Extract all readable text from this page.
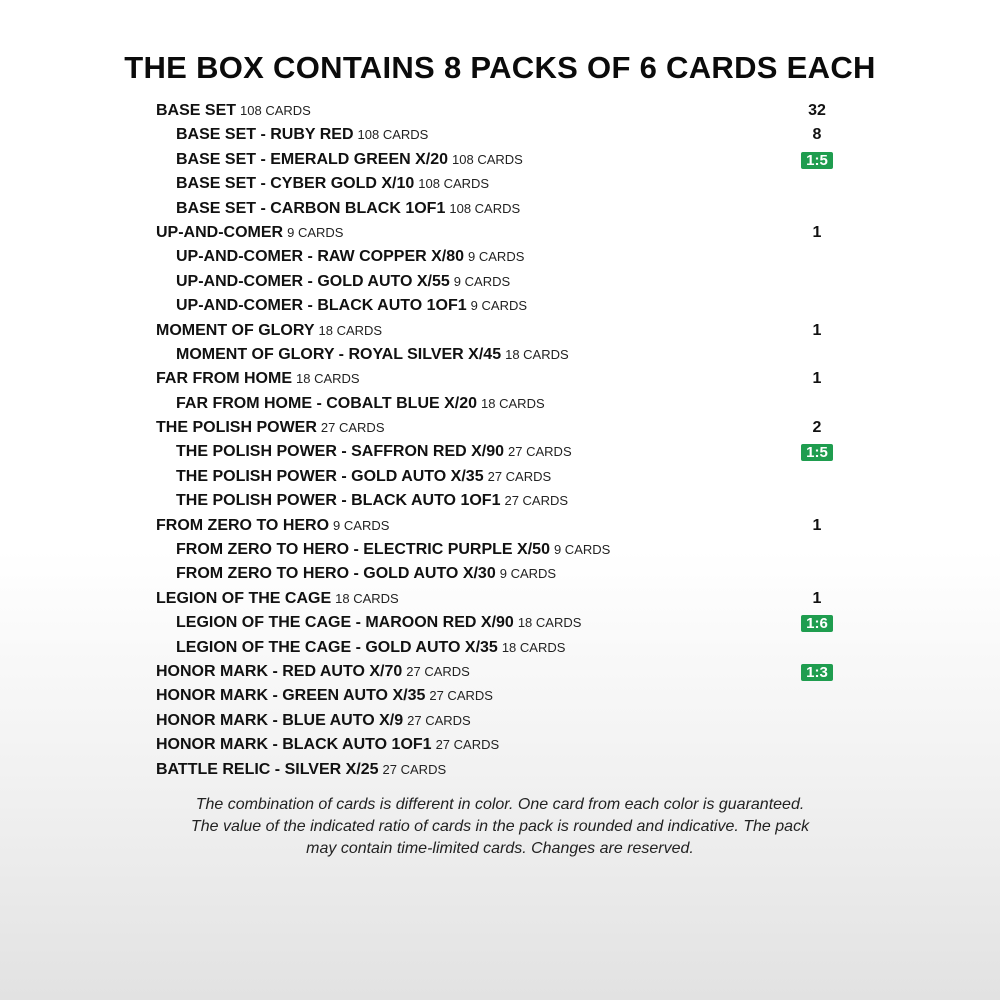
THE BOX CONTAINS 8 PACKS OF 6 CARDS EACH
BASE SET 108 CARDS	32
BASE SET - RUBY RED 108 CARDS	8
BASE SET - EMERALD GREEN X/20 108 CARDS	1:5
BASE SET - CYBER GOLD X/10 108 CARDS
BASE SET - CARBON BLACK 1OF1 108 CARDS
UP-AND-COMER 9 CARDS	1
UP-AND-COMER - RAW COPPER X/80 9 CARDS
UP-AND-COMER - GOLD AUTO X/55 9 CARDS
UP-AND-COMER - BLACK AUTO 1OF1 9 CARDS
MOMENT OF GLORY 18 CARDS	1
MOMENT OF GLORY - ROYAL SILVER X/45 18 CARDS
FAR FROM HOME 18 CARDS	1
FAR FROM HOME - COBALT BLUE X/20 18 CARDS
THE POLISH POWER 27 CARDS	2
THE POLISH POWER - SAFFRON RED X/90 27 CARDS	1:5
THE POLISH POWER - GOLD AUTO X/35 27 CARDS
THE POLISH POWER - BLACK AUTO 1OF1 27 CARDS
FROM ZERO TO HERO 9 CARDS	1
FROM ZERO TO HERO - ELECTRIC PURPLE X/50 9 CARDS
FROM ZERO TO HERO - GOLD AUTO X/30 9 CARDS
LEGION OF THE CAGE 18 CARDS	1
LEGION OF THE CAGE - MAROON RED X/90 18 CARDS	1:6
LEGION OF THE CAGE - GOLD AUTO X/35 18 CARDS
HONOR MARK - RED AUTO X/70 27 CARDS	1:3
HONOR MARK - GREEN AUTO X/35 27 CARDS
HONOR MARK - BLUE AUTO X/9 27 CARDS
HONOR MARK - BLACK AUTO 1OF1 27 CARDS
BATTLE RELIC - SILVER X/25 27 CARDS
The combination of cards is different in color. One card from each color is guaranteed.
The value of the indicated ratio of cards in the pack is rounded and indicative. The pack
may contain time-limited cards. Changes are reserved.
